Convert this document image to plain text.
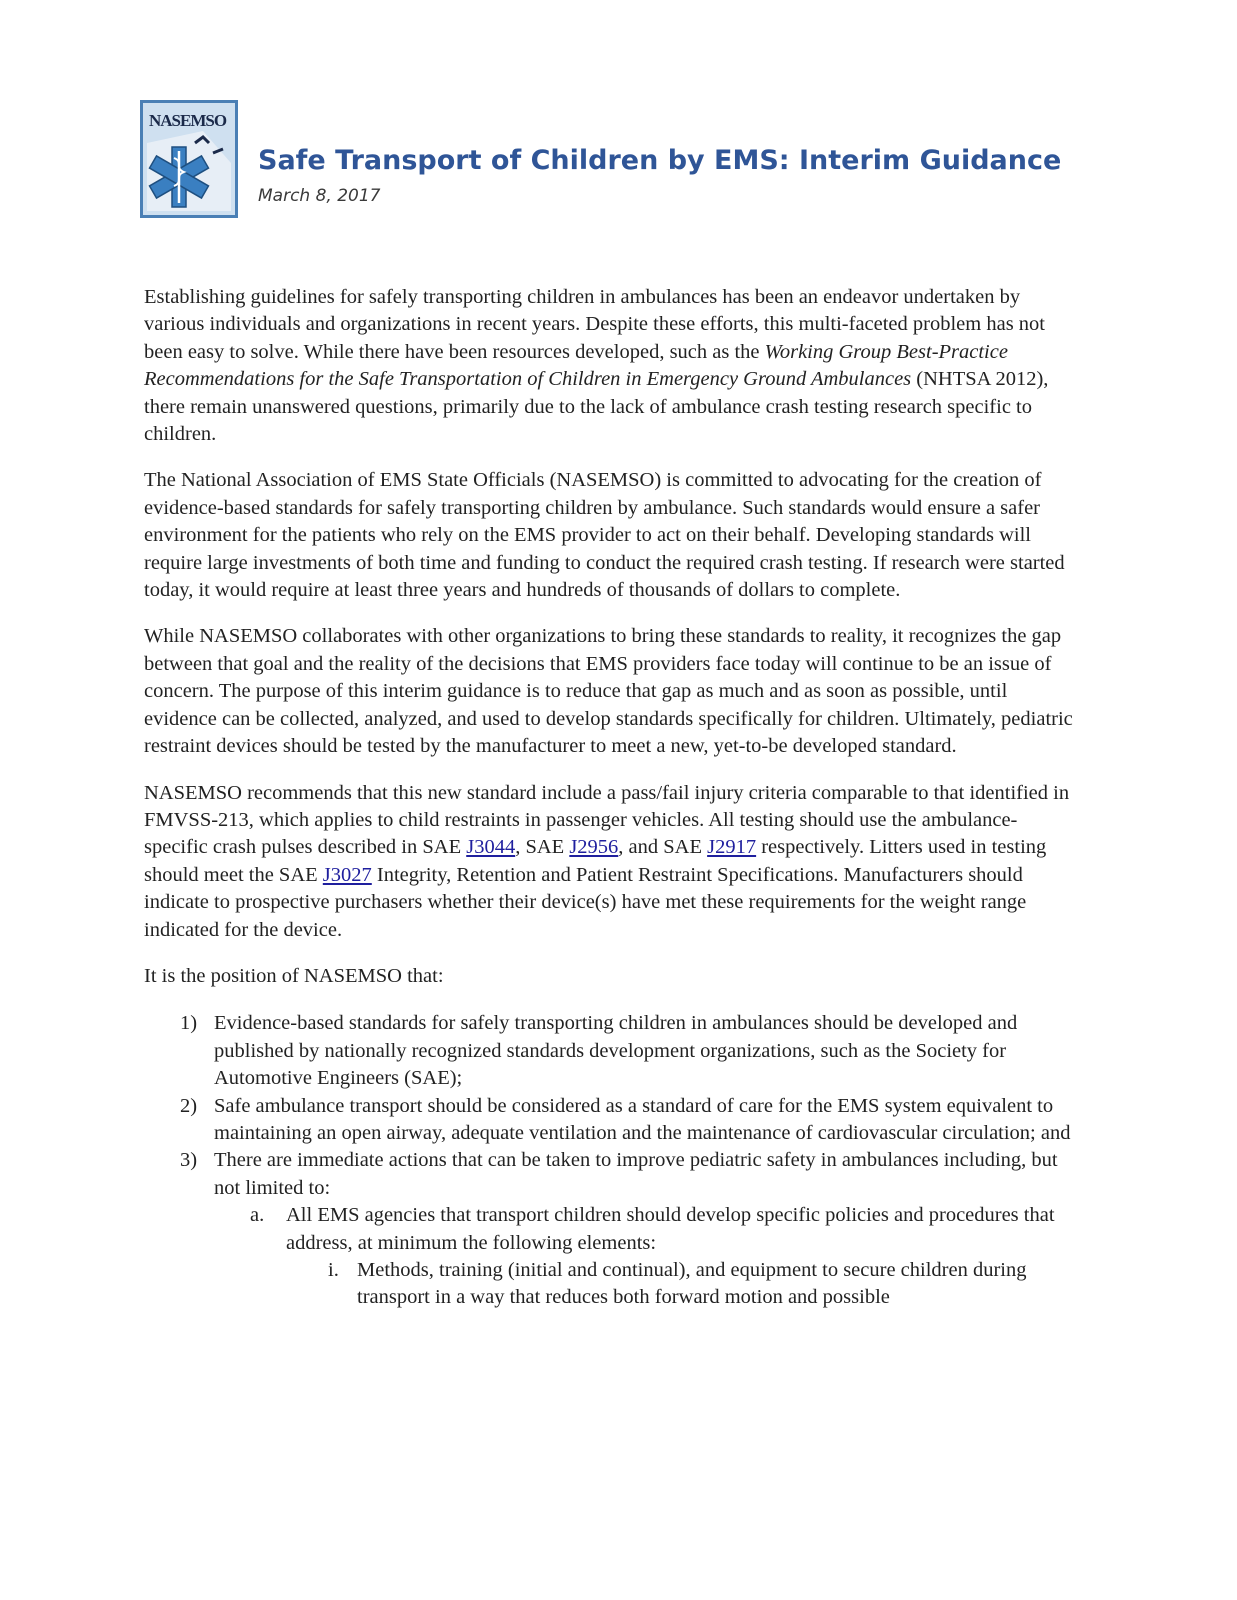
NASEMSO
Safe Transport of Children by EMS: Interim Guidance
March 8, 2017

Establishing guidelines for safely transporting children in ambulances has been an endeavor undertaken by various individuals and organizations in recent years. Despite these efforts, this multi-faceted problem has not been easy to solve. While there have been resources developed, such as the Working Group Best-Practice Recommendations for the Safe Transportation of Children in Emergency Ground Ambulances (NHTSA 2012), there remain unanswered questions, primarily due to the lack of ambulance crash testing research specific to children.

The National Association of EMS State Officials (NASEMSO) is committed to advocating for the creation of evidence-based standards for safely transporting children by ambulance. Such standards would ensure a safer environment for the patients who rely on the EMS provider to act on their behalf. Developing standards will require large investments of both time and funding to conduct the required crash testing. If research were started today, it would require at least three years and hundreds of thousands of dollars to complete.

While NASEMSO collaborates with other organizations to bring these standards to reality, it recognizes the gap between that goal and the reality of the decisions that EMS providers face today will continue to be an issue of concern. The purpose of this interim guidance is to reduce that gap as much and as soon as possible, until evidence can be collected, analyzed, and used to develop standards specifically for children. Ultimately, pediatric restraint devices should be tested by the manufacturer to meet a new, yet-to-be developed standard.

NASEMSO recommends that this new standard include a pass/fail injury criteria comparable to that identified in FMVSS-213, which applies to child restraints in passenger vehicles. All testing should use the ambulance-specific crash pulses described in SAE J3044, SAE J2956, and SAE J2917 respectively. Litters used in testing should meet the SAE J3027 Integrity, Retention and Patient Restraint Specifications. Manufacturers should indicate to prospective purchasers whether their device(s) have met these requirements for the weight range indicated for the device.

It is the position of NASEMSO that:

1) Evidence-based standards for safely transporting children in ambulances should be developed and published by nationally recognized standards development organizations, such as the Society for Automotive Engineers (SAE);
2) Safe ambulance transport should be considered as a standard of care for the EMS system equivalent to maintaining an open airway, adequate ventilation and the maintenance of cardiovascular circulation; and
3) There are immediate actions that can be taken to improve pediatric safety in ambulances including, but not limited to:
a. All EMS agencies that transport children should develop specific policies and procedures that address, at minimum the following elements:
i. Methods, training (initial and continual), and equipment to secure children during transport in a way that reduces both forward motion and possible
